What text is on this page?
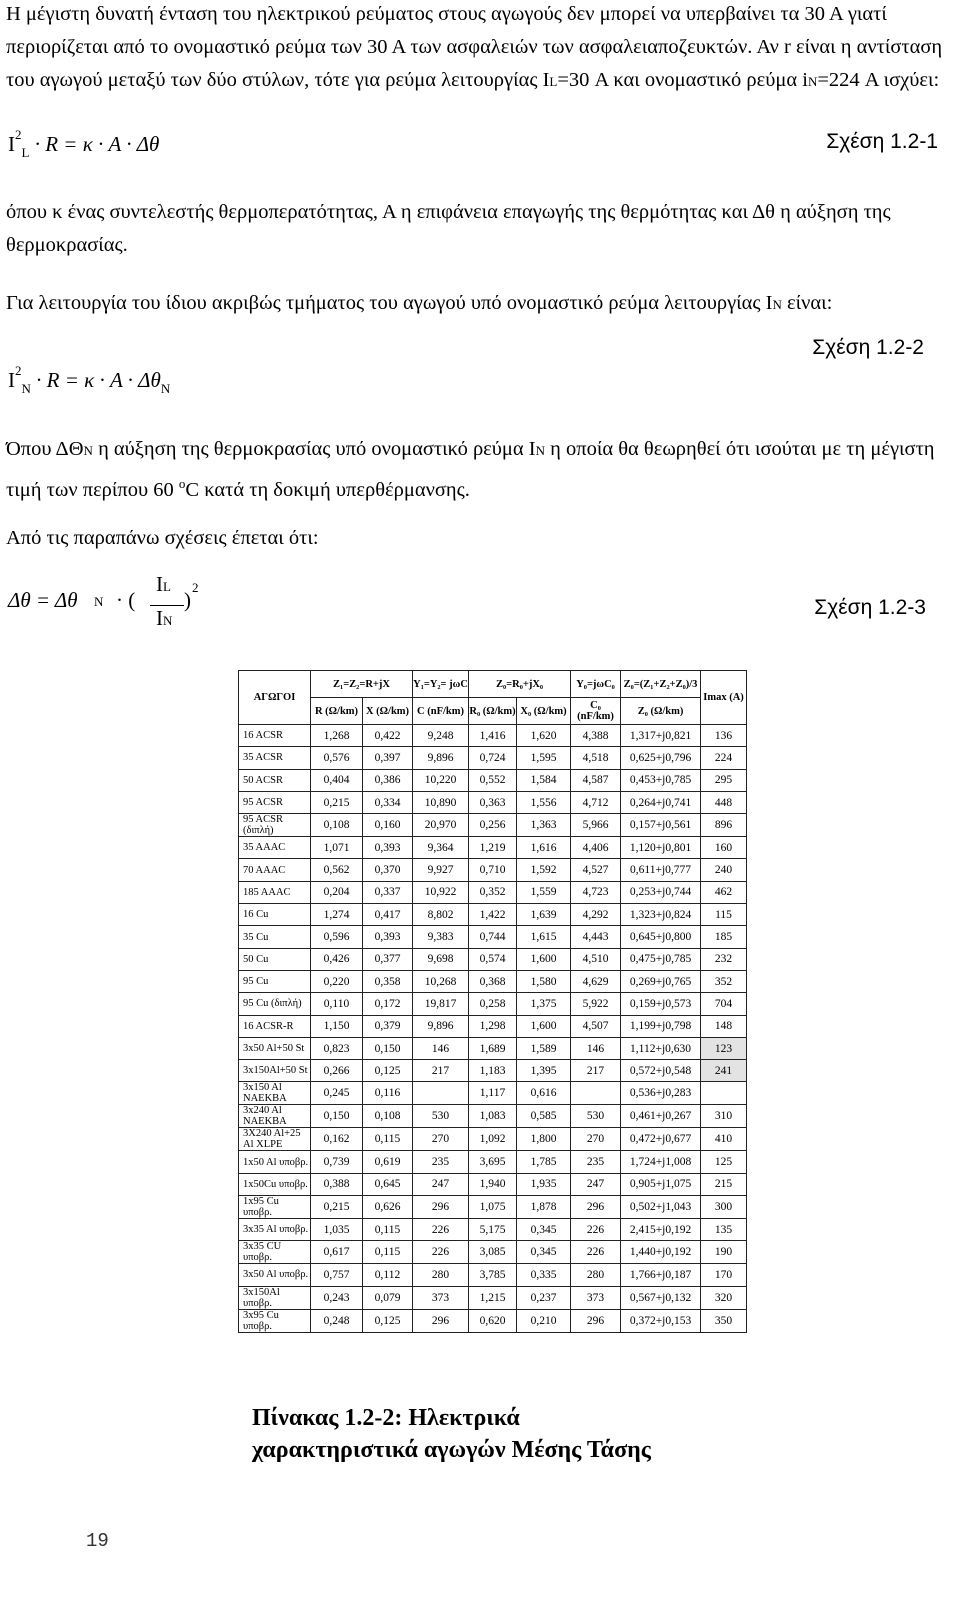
Η μέγιστη δυνατή ένταση του ηλεκτρικού ρεύματος στους αγωγούς δεν μπορεί να υπερβαίνει τα 30 Α γιατί περιορίζεται από το ονομαστικό ρεύμα των 30 Α των ασφαλειών των ασφαλειαποζευκτών. Αν r είναι η αντίσταση του αγωγού μεταξύ των δύο στύλων, τότε για ρεύμα λειτουργίας IL=30 Α και ονομαστικό ρεύμα iN=224 Α ισχύει:

$I^2_L \cdot R = \kappa \cdot A \cdot \Delta\theta$	Σχέση 1.2-1

όπου κ ένας συντελεστής θερμοπερατότητας, Α η επιφάνεια επαγωγής της θερμότητας και Δθ η αύξηση της θερμοκρασίας.

Για λειτουργία του ίδιου ακριβώς τμήματος του αγωγού υπό ονομαστικό ρεύμα λειτουργίας IN είναι:

Σχέση 1.2-2
$I^2_N \cdot R = \kappa \cdot A \cdot \Delta\theta_N$

Όπου ΔΘN η αύξηση της θερμοκρασίας υπό ονομαστικό ρεύμα IN η οποία θα θεωρηθεί ότι ισούται με τη μέγιστη τιμή των περίπου 60 $^o$C κατά τη δοκιμή υπερθέρμανσης.

Από τις παραπάνω σχέσεις έπεται ότι:

Δθ = Δθ N · (
IL
IN
)
2
Σχέση 1.2-3
ΑΓΩΓΟΙ	Z₁=Z₂=R+jX		Y₁=Y₂= jωC	Z₀=R₀+jX₀		Y₀=jωC₀	Z₀=(Z₁+Z₂+Z₀)/3	Imax (A)
	R (Ω/km)	X (Ω/km)	C (nF/km)	R₀ (Ω/km)	X₀ (Ω/km)	C₀ (nF/km)	Z₀ (Ω/km)	
16 ACSR	1,268	0,422	9,248	1,416	1,620	4,388	1,317+j0,821	136
35 ACSR	0,576	0,397	9,896	0,724	1,595	4,518	0,625+j0,796	224
50 ACSR	0,404	0,386	10,220	0,552	1,584	4,587	0,453+j0,785	295
95 ACSR	0,215	0,334	10,890	0,363	1,556	4,712	0,264+j0,741	448
95 ACSR (διπλή)	0,108	0,160	20,970	0,256	1,363	5,966	0,157+j0,561	896
35 AAAC	1,071	0,393	9,364	1,219	1,616	4,406	1,120+j0,801	160
70 AAAC	0,562	0,370	9,927	0,710	1,592	4,527	0,611+j0,777	240
185 AAAC	0,204	0,337	10,922	0,352	1,559	4,723	0,253+j0,744	462
16 Cu	1,274	0,417	8,802	1,422	1,639	4,292	1,323+j0,824	115
35 Cu	0,596	0,393	9,383	0,744	1,615	4,443	0,645+j0,800	185
50 Cu	0,426	0,377	9,698	0,574	1,600	4,510	0,475+j0,785	232
95 Cu	0,220	0,358	10,268	0,368	1,580	4,629	0,269+j0,765	352
95 Cu (διπλή)	0,110	0,172	19,817	0,258	1,375	5,922	0,159+j0,573	704
16 ACSR-R	1,150	0,379	9,896	1,298	1,600	4,507	1,199+j0,798	148
3x50 Al+50 St	0,823	0,150	146	1,689	1,589	146	1,112+j0,630	123
3x150Al+50 St	0,266	0,125	217	1,183	1,395	217	0,572+j0,548	241
3x150 Al NAEKBA	0,245	0,116		1,117	0,616		0,536+j0,283	
3x240 Al NAEKBA	0,150	0,108	530	1,083	0,585	530	0,461+j0,267	310
3X240 Al+25 Al XLPE	0,162	0,115	270	1,092	1,800	270	0,472+j0,677	410
1x50 Al υποβρ.	0,739	0,619	235	3,695	1,785	235	1,724+j1,008	125
1x50Cu υποβρ.	0,388	0,645	247	1,940	1,935	247	0,905+j1,075	215
1x95 Cu υποβρ.	0,215	0,626	296	1,075	1,878	296	0,502+j1,043	300
3x35 Al υποβρ.	1,035	0,115	226	5,175	0,345	226	2,415+j0,192	135
3x35 CU υποβρ.	0,617	0,115	226	3,085	0,345	226	1,440+j0,192	190
3x50 Al υποβρ.	0,757	0,112	280	3,785	0,335	280	1,766+j0,187	170
3x150Al υποβρ.	0,243	0,079	373	1,215	0,237	373	0,567+j0,132	320
3x95 Cu υποβρ.	0,248	0,125	296	0,620	0,210	296	0,372+j0,153	350
Πίνακας 1.2-2: Ηλεκτρικά
χαρακτηριστικά αγωγών Μέσης Τάσης
19
